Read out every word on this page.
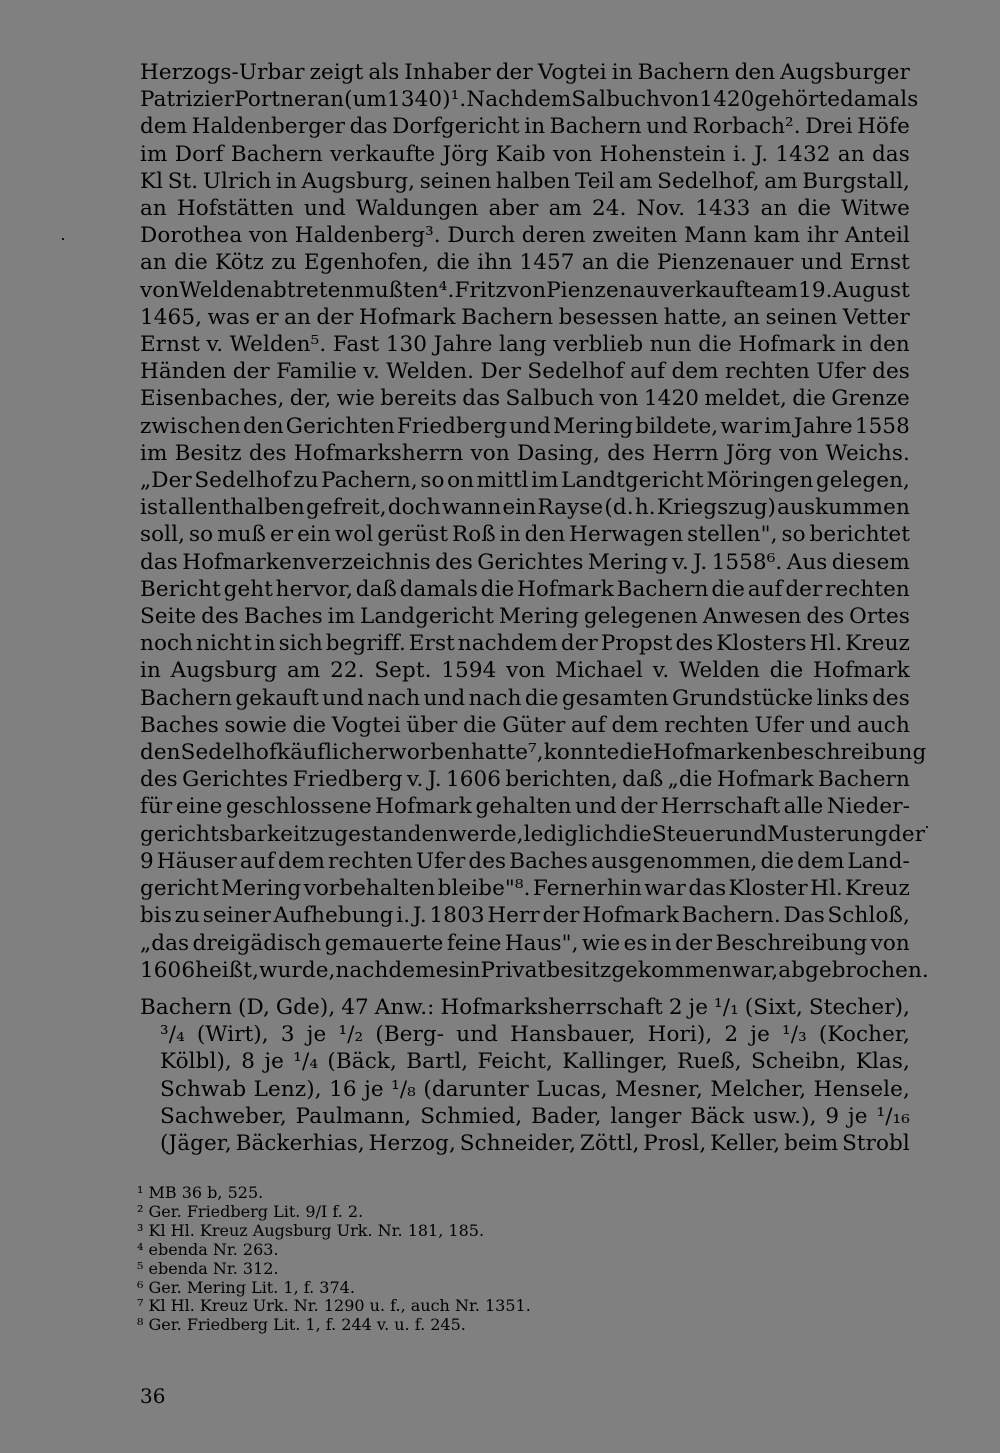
Herzogs-Urbar zeigt als Inhaber der Vogtei in Bachern den Augsburger
Patrizier Portner an (um 1340)¹. Nach dem Salbuch von 1420 gehörte damals
dem Haldenberger das Dorfgericht in Bachern und Rorbach². Drei Höfe
im Dorf Bachern verkaufte Jörg Kaib von Hohenstein i. J. 1432 an das
Kl St. Ulrich in Augsburg, seinen halben Teil am Sedelhof, am Burgstall,
an Hofstätten und Waldungen aber am 24. Nov. 1433 an die Witwe
Dorothea von Haldenberg³. Durch deren zweiten Mann kam ihr Anteil
an die Kötz zu Egenhofen, die ihn 1457 an die Pienzenauer und Ernst
von Welden abtreten mußten⁴. Fritz von Pienzenau verkaufte am 19. August
1465, was er an der Hofmark Bachern besessen hatte, an seinen Vetter
Ernst v. Welden⁵. Fast 130 Jahre lang verblieb nun die Hofmark in den
Händen der Familie v. Welden. Der Sedelhof auf dem rechten Ufer des
Eisenbaches, der, wie bereits das Salbuch von 1420 meldet, die Grenze
zwischen den Gerichten Friedberg und Mering bildete, war im Jahre 1558
im Besitz des Hofmarksherrn von Dasing, des Herrn Jörg von Weichs.
„Der Sedelhof zu Pachern, so on mittl im Landtgericht Möringen gelegen,
ist allenthalben gefreit, doch wann ein Rayse (d. h. Kriegszug) auskummen
soll, so muß er ein wol gerüst Roß in den Herwagen stellen", so berichtet
das Hofmarkenverzeichnis des Gerichtes Mering v. J. 1558⁶. Aus diesem
Bericht geht hervor, daß damals die Hofmark Bachern die auf der rechten
Seite des Baches im Landgericht Mering gelegenen Anwesen des Ortes
noch nicht in sich begriff. Erst nachdem der Propst des Klosters Hl. Kreuz
in Augsburg am 22. Sept. 1594 von Michael v. Welden die Hofmark
Bachern gekauft und nach und nach die gesamten Grundstücke links des
Baches sowie die Vogtei über die Güter auf dem rechten Ufer und auch
den Sedelhof käuflich erworben hatte⁷, konnte die Hofmarkenbeschreibung
des Gerichtes Friedberg v. J. 1606 berichten, daß „die Hofmark Bachern
für eine geschlossene Hofmark gehalten und der Herrschaft alle Nieder-
gerichtsbarkeit zugestanden werde, lediglich die Steuer und Musterung der
9 Häuser auf dem rechten Ufer des Baches ausgenommen, die dem Land-
gericht Mering vorbehalten bleibe"⁸. Fernerhin war das Kloster Hl. Kreuz
bis zu seiner Aufhebung i. J. 1803 Herr der Hofmark Bachern. Das Schloß,
„das dreigädisch gemauerte feine Haus", wie es in der Beschreibung von
1606 heißt, wurde, nachdem es in Privatbesitz gekommen war, abgebrochen.
Bachern (D, Gde), 47 Anw.: Hofmarksherrschaft 2 je ¹/₁ (Sixt, Stecher),
³/₄ (Wirt), 3 je ¹/₂ (Berg- und Hansbauer, Hori), 2 je ¹/₃ (Kocher,
Kölbl), 8 je ¹/₄ (Bäck, Bartl, Feicht, Kallinger, Rueß, Scheibn, Klas,
Schwab Lenz), 16 je ¹/₈ (darunter Lucas, Mesner, Melcher, Hensele,
Sachweber, Paulmann, Schmied, Bader, langer Bäck usw.), 9 je ¹/₁₆
(Jäger, Bäckerhias, Herzog, Schneider, Zöttl, Prosl, Keller, beim Strobl
¹ MB 36 b, 525.
² Ger. Friedberg Lit. 9/I f. 2.
³ Kl Hl. Kreuz Augsburg Urk. Nr. 181, 185.
⁴ ebenda Nr. 263.
⁵ ebenda Nr. 312.
⁶ Ger. Mering Lit. 1, f. 374.
⁷ Kl Hl. Kreuz Urk. Nr. 1290 u. f., auch Nr. 1351.
⁸ Ger. Friedberg Lit. 1, f. 244 v. u. f. 245.
36
